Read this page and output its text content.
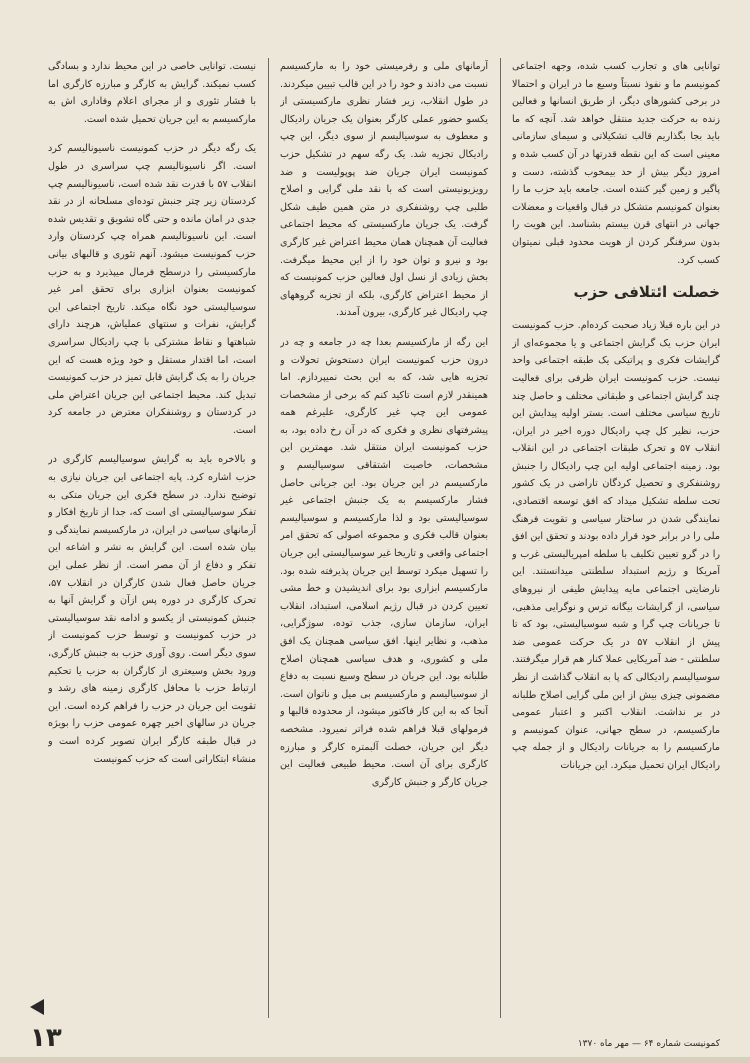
توانایی های و تجارب کسب شده، وجهه اجتماعی کمونیسم ما و نفوذ نسبتاً وسیع ما در ایران و احتمالا در برخی کشورهای دیگر، از طریق انسانها و فعالین زنده به حرکت جدید منتقل خواهد شد. آنچه که ما باید بجا بگذاریم قالب تشکیلاتی و سیمای سازمانی معینی است که این نقطه قدرتها در آن کسب شده و امروز دیگر بیش از حد بیمخوب گذشته، دست و پاگیر و زمین گیر کننده است. جامعه باید حزب ما را بعنوان کمونیسم متشکل در قبال واقعیات و معضلات جهانی در انتهای قرن بیستم بشناسد. این هویت را بدون سرفنگر کردن از هویت محدود قبلی نمیتوان کسب کرد.

خصلت ائتلافی حزب

در این باره قبلا زیاد صحبت کرده‌ام. حزب کمونیست ایران حزب یک گرایش اجتماعی و یا مجموعه‌ای از گرایشات فکری و پراتیکی یک طبقه اجتماعی واحد نیست. حزب کمونیست ایران ظرفی برای فعالیت چند گرایش اجتماعی و طبقاتی مختلف و حاصل چند تاریخ سیاسی مختلف است. بستر اولیه پیدایش این حزب، نظیر کل چپ رادیکال دوره اخیر در ایران، انقلاب ۵۷ و تحرک طبقات اجتماعی در این انقلاب بود. زمینه اجتماعی اولیه این چپ رادیکال را جنبش روشنفکری و تحصیل کردگان تاراضی در یک کشور تحت سلطه تشکیل میداد که افق توسعه اقتصادی، نمایندگی شدن در ساختار سیاسی و تقویت فرهنگ ملی را در برابر خود قرار داده بودند و تحقق این افق را در گرو تعیین تکلیف با سلطه امپریالیستی غرب و آمریکا و رژیم استبداد سلطنتی میدانستند. این نارضایتی اجتماعی مایه پیدایش طیفی از نیروهای سیاسی، از گرایشات بیگانه ترس و نوگرایی مذهبی، تا جریانات چپ گرا و شبه سوسیالیستی، بود که تا پیش از انقلاب ۵۷ در یک حرکت عمومی ضد سلطنتی - ضد آمریکایی عملا کنار هم قرار میگرفتند. سوسیالیسم رادیکالی که پا به انقلاب گذاشت از نظر مضمونی چیزی بیش از این ملی گرایی اصلاح طلبانه در بر نداشت. انقلاب اکتبر و اعتبار عمومی مارکسیسم، در سطح جهانی، عنوان کمونیسم و مارکسیسم را به جریانات رادیکال و از جمله چپ رادیکال ایران تحمیل میکرد. این جریانات

آرمانهای ملی و رفرمیستی خود را به مارکسیسم نسبت می دادند و خود را در این قالب تبیین میکردند. در طول انقلاب، زیر فشار نظری مارکسیستی از یکسو حضور عملی کارگر بعنوان یک جریان رادیکال و معطوف به سوسیالیسم از سوی دیگر، این چپ رادیکال تجزیه شد. یک رگه سهم در تشکیل حزب کمونیست ایران جریان ضد پوپولیست و ضد رویزیونیستی است که با نقد ملی گرایی و اصلاح طلبی چپ روشنفکری در متن همین طیف شکل گرفت. یک جریان مارکسیستی که محیط اجتماعی فعالیت آن همچنان همان محیط اعتراض غیر کارگری بود و نیرو و توان خود را از این محیط میگرفت. بخش زیادی از نسل اول فعالین حزب کمونیست که از محیط اعتراض کارگری، بلکه از تجزیه گروههای چپ رادیکال غیر کارگری، بیرون آمدند.

این رگه از مارکسیسم بعدا چه در جامعه و چه در درون حزب کمونیست ایران دستخوش تحولات و تجزیه هایی شد، که به این بحث نمیپردازم. اما همینقدر لازم است تاکید کنم که برخی از مشخصات عمومی این چپ غیر کارگری، علیرغم همه پیشرفتهای نظری و فکری که در آن رخ داده بود، به حزب کمونیست ایران منتقل شد. مهمترین این مشخصات، خاصیت اشتقاقی سوسیالیسم و مارکسیسم در این جریان بود. این جریانی حاصل فشار مارکسیسم به یک جنبش اجتماعی غیر سوسیالیستی بود و لذا مارکسیسم و سوسیالیسم بعنوان قالب فکری و مجموعه اصولی که تحقق امر اجتماعی واقعی و تاریخا غیر سوسیالیستی این جریان را تسهیل میکرد توسط این جریان پذیرفته شده بود. مارکسیسم ابزاری بود برای اندیشیدن و خط مشی تعیین کردن در قبال رژیم اسلامی، استبداد، انقلاب ایران، سازمان سازی، جذب توده، سوژگرایی، مذهب، و نظایر اینها. افق سیاسی همچنان یک افق ملی و کشوری، و هدف سیاسی همچنان اصلاح طلبانه بود. این جریان در سطح وسیع نسبت به دفاع از سوسیالیسم و مارکسیسم بی میل و ناتوان است. آنجا که به این کار فاکتور میشود، از محدوده قالبها و فرمولهای قبلا فراهم شده فراتر نمیرود. مشخصه دیگر این جریان، خصلت آلبمتره کارگر و مبارزه کارگری برای آن است. محیط طبیعی فعالیت این جریان کارگر و جنبش کارگری

نیست. توانایی خاصی در این محیط ندارد و بسادگی کسب نمیکند. گرایش به کارگر و مبارزه کارگری اما با فشار تئوری و از مجرای اعلام وفاداری اش به مارکسیسم به این جریان تحمیل شده است.

یک رگه دیگر در حزب کمونیست ناسیونالیسم کرد است. اگر ناسیونالیسم چپ سراسری در طول انقلاب ۵۷ با قدرت نقد شده است، ناسیونالیسم چپ کردستان زیر چتر جنبش توده‌ای مسلحانه از در نقد جدی در امان مانده و حتی گاه تشویق و تقدیس شده است. این ناسیونالیسم همراه چپ کردستان وارد حزب کمونیست میشود. آنهم تئوری و قالبهای بیانی مارکسیستی را درسطح فرمال میپذیرد و به حزب کمونیست بعنوان ابزاری برای تحقق امر غیر سوسیالیستی خود نگاه میکند. تاریخ اجتماعی این گرایش، نفرات و سنتهای عملیاش، هرچند دارای شباهتها و نقاط مشترکی با چپ رادیکال سراسری است، اما اقتدار مستقل و خود ویژه هست که این جریان را به یک گرایش قابل تمیز در حزب کمونیست تبدیل کند. محیط اجتماعی این جریان اعتراض ملی در کردستان و روشنفکران معترض در جامعه کرد است.

و بالاخره باید به گرایش سوسیالیسم کارگری در حزب اشاره کرد. پایه اجتماعی این جریان نیازی به توضیح ندارد. در سطح فکری این جریان متکی به تفکر سوسیالیستی ای است که، جدا از تاریخ افکار و آرمانهای سیاسی در ایران، در مارکسیسم نمایندگی و بیان شده است. این گرایش به نشر و اشاعه این تفکر و دفاع از آن مصر است. از نظر عملی این جریان حاصل فعال شدن کارگران در انقلاب ۵۷، تحرک کارگری در دوره پس ازآن و گرایش آنها به جنبش کمونیستی از یکسو و ادامه نقد سوسیالیستی در حزب کمونیست و توسط حزب کمونیست از سوی دیگر است. روی آوری حزب به جنبش کارگری، ورود بخش وسیعتری از کارگران به حزب یا تحکیم ارتباط حزب با محافل کارگری زمینه های رشد و تقویت این جریان در حزب را فراهم کرده است. این جریان در سالهای اخیر چهره عمومی حزب را بویژه در قبال طبقه کارگر ایران تصویر کرده است و منشاء ابتکاراتی است که حزب کمونیست

۱۳	کمونیست شماره ۶۴ — مهر ماه ۱۳۷۰
